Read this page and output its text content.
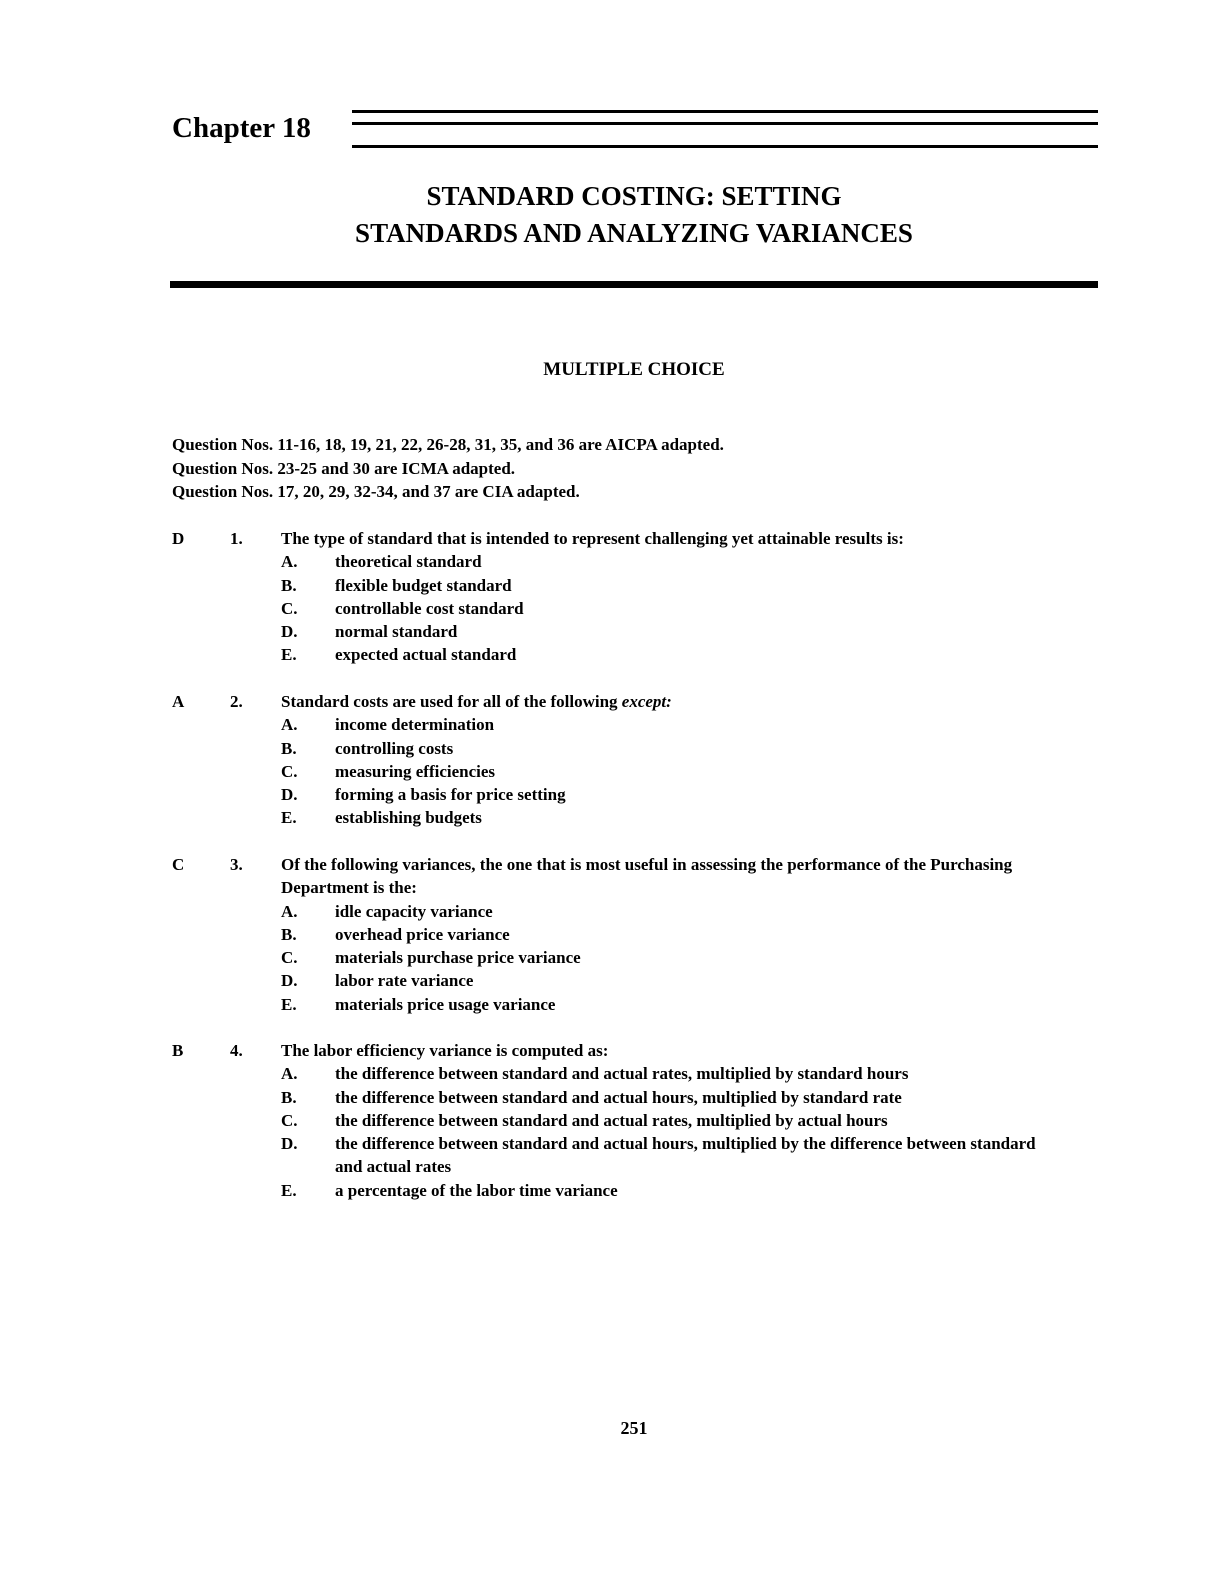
Chapter 18
STANDARD COSTING: SETTING
STANDARDS AND ANALYZING VARIANCES
MULTIPLE CHOICE
Question Nos. 11-16, 18, 19, 21, 22, 26-28, 31, 35, and 36 are AICPA adapted.
Question Nos. 23-25 and 30 are ICMA adapted.
Question Nos. 17, 20, 29, 32-34, and 37 are CIA adapted.
D	1. The type of standard that is intended to represent challenging yet attainable results is:
A. theoretical standard
B. flexible budget standard
C. controllable cost standard
D. normal standard
E. expected actual standard
A	2. Standard costs are used for all of the following except:
A. income determination
B. controlling costs
C. measuring efficiencies
D. forming a basis for price setting
E. establishing budgets
C	3. Of the following variances, the one that is most useful in assessing the performance of the Purchasing Department is the:
A. idle capacity variance
B. overhead price variance
C. materials purchase price variance
D. labor rate variance
E. materials price usage variance
B	4. The labor efficiency variance is computed as:
A. the difference between standard and actual rates, multiplied by standard hours
B. the difference between standard and actual hours, multiplied by standard rate
C. the difference between standard and actual rates, multiplied by actual hours
D. the difference between standard and actual hours, multiplied by the difference between standard and actual rates
E. a percentage of the labor time variance
251
